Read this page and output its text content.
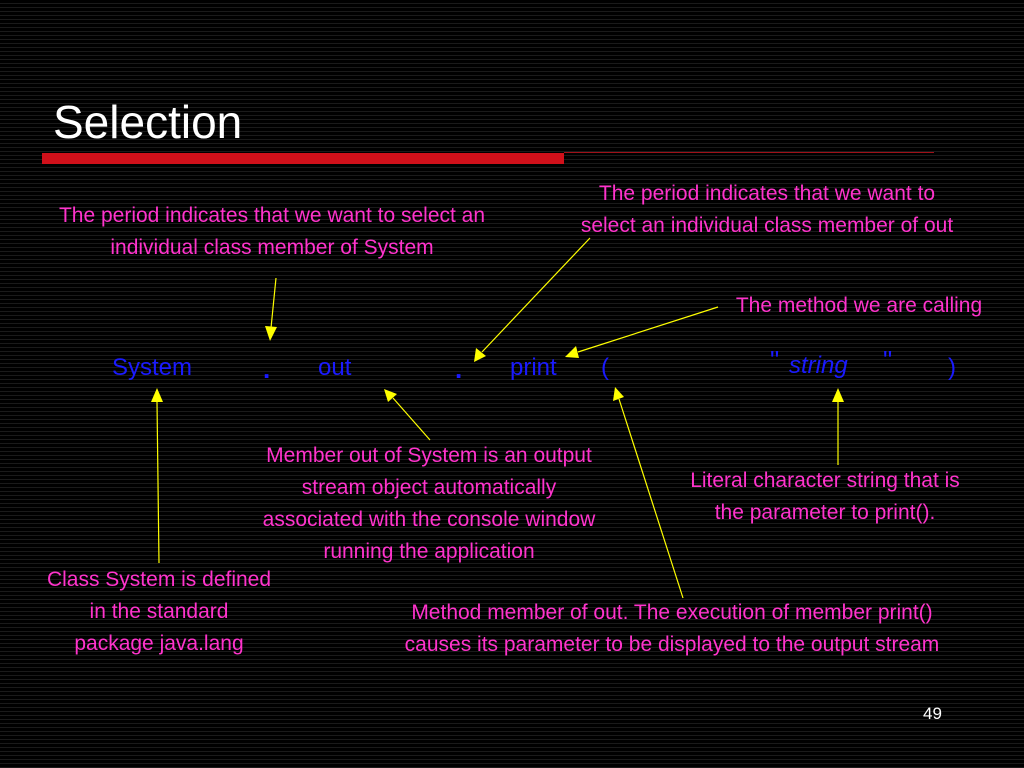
Selection
The period indicates that we want to select an
individual class member of System
The period indicates that we want to
select an individual class member of out
The method we are calling
Member out of System is an output
stream object automatically
associated with the console window
running the application
Literal character string that is
the parameter to print().
Class System is defined
in the standard
package java.lang
Method member of out. The execution of member print()
causes its parameter to be displayed to the output stream
System	. out	. print (	" string " )
49
